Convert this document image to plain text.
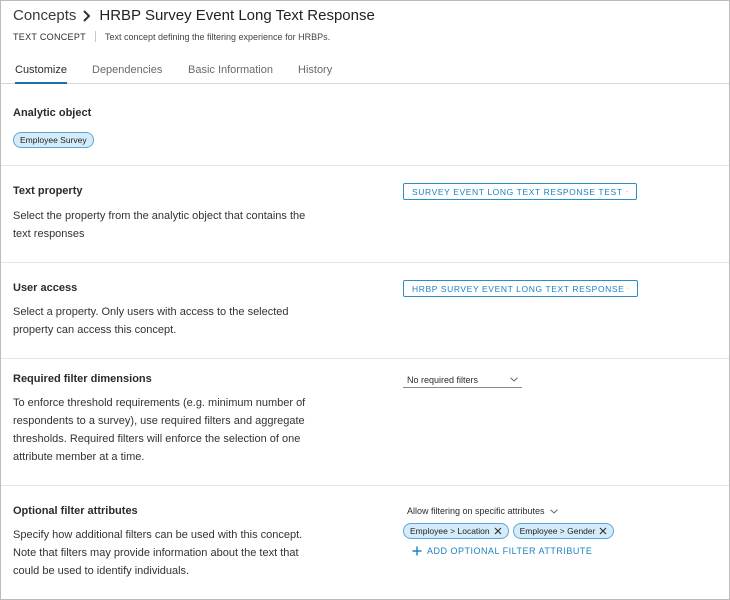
Concepts HRBP Survey Event Long Text Response
TEXT CONCEPT Text concept defining the filtering experience for HRBPs.
Customize Dependencies Basic Information History
Analytic object
Employee Survey
Text property
Select the property from the analytic object that contains the text responses
SURVEY EVENT LONG TEXT RESPONSE TEST
User access
Select a property. Only users with access to the selected property can access this concept.
HRBP SURVEY EVENT LONG TEXT RESPONSE
Required filter dimensions
To enforce threshold requirements (e.g. minimum number of respondents to a survey), use required filters and aggregate thresholds. Required filters will enforce the selection of one attribute member at a time.
No required filters
Optional filter attributes
Specify how additional filters can be used with this concept. Note that filters may provide information about the text that could be used to identify individuals.
Allow filtering on specific attributes
Employee > Location	Employee > Gender
ADD OPTIONAL FILTER ATTRIBUTE
